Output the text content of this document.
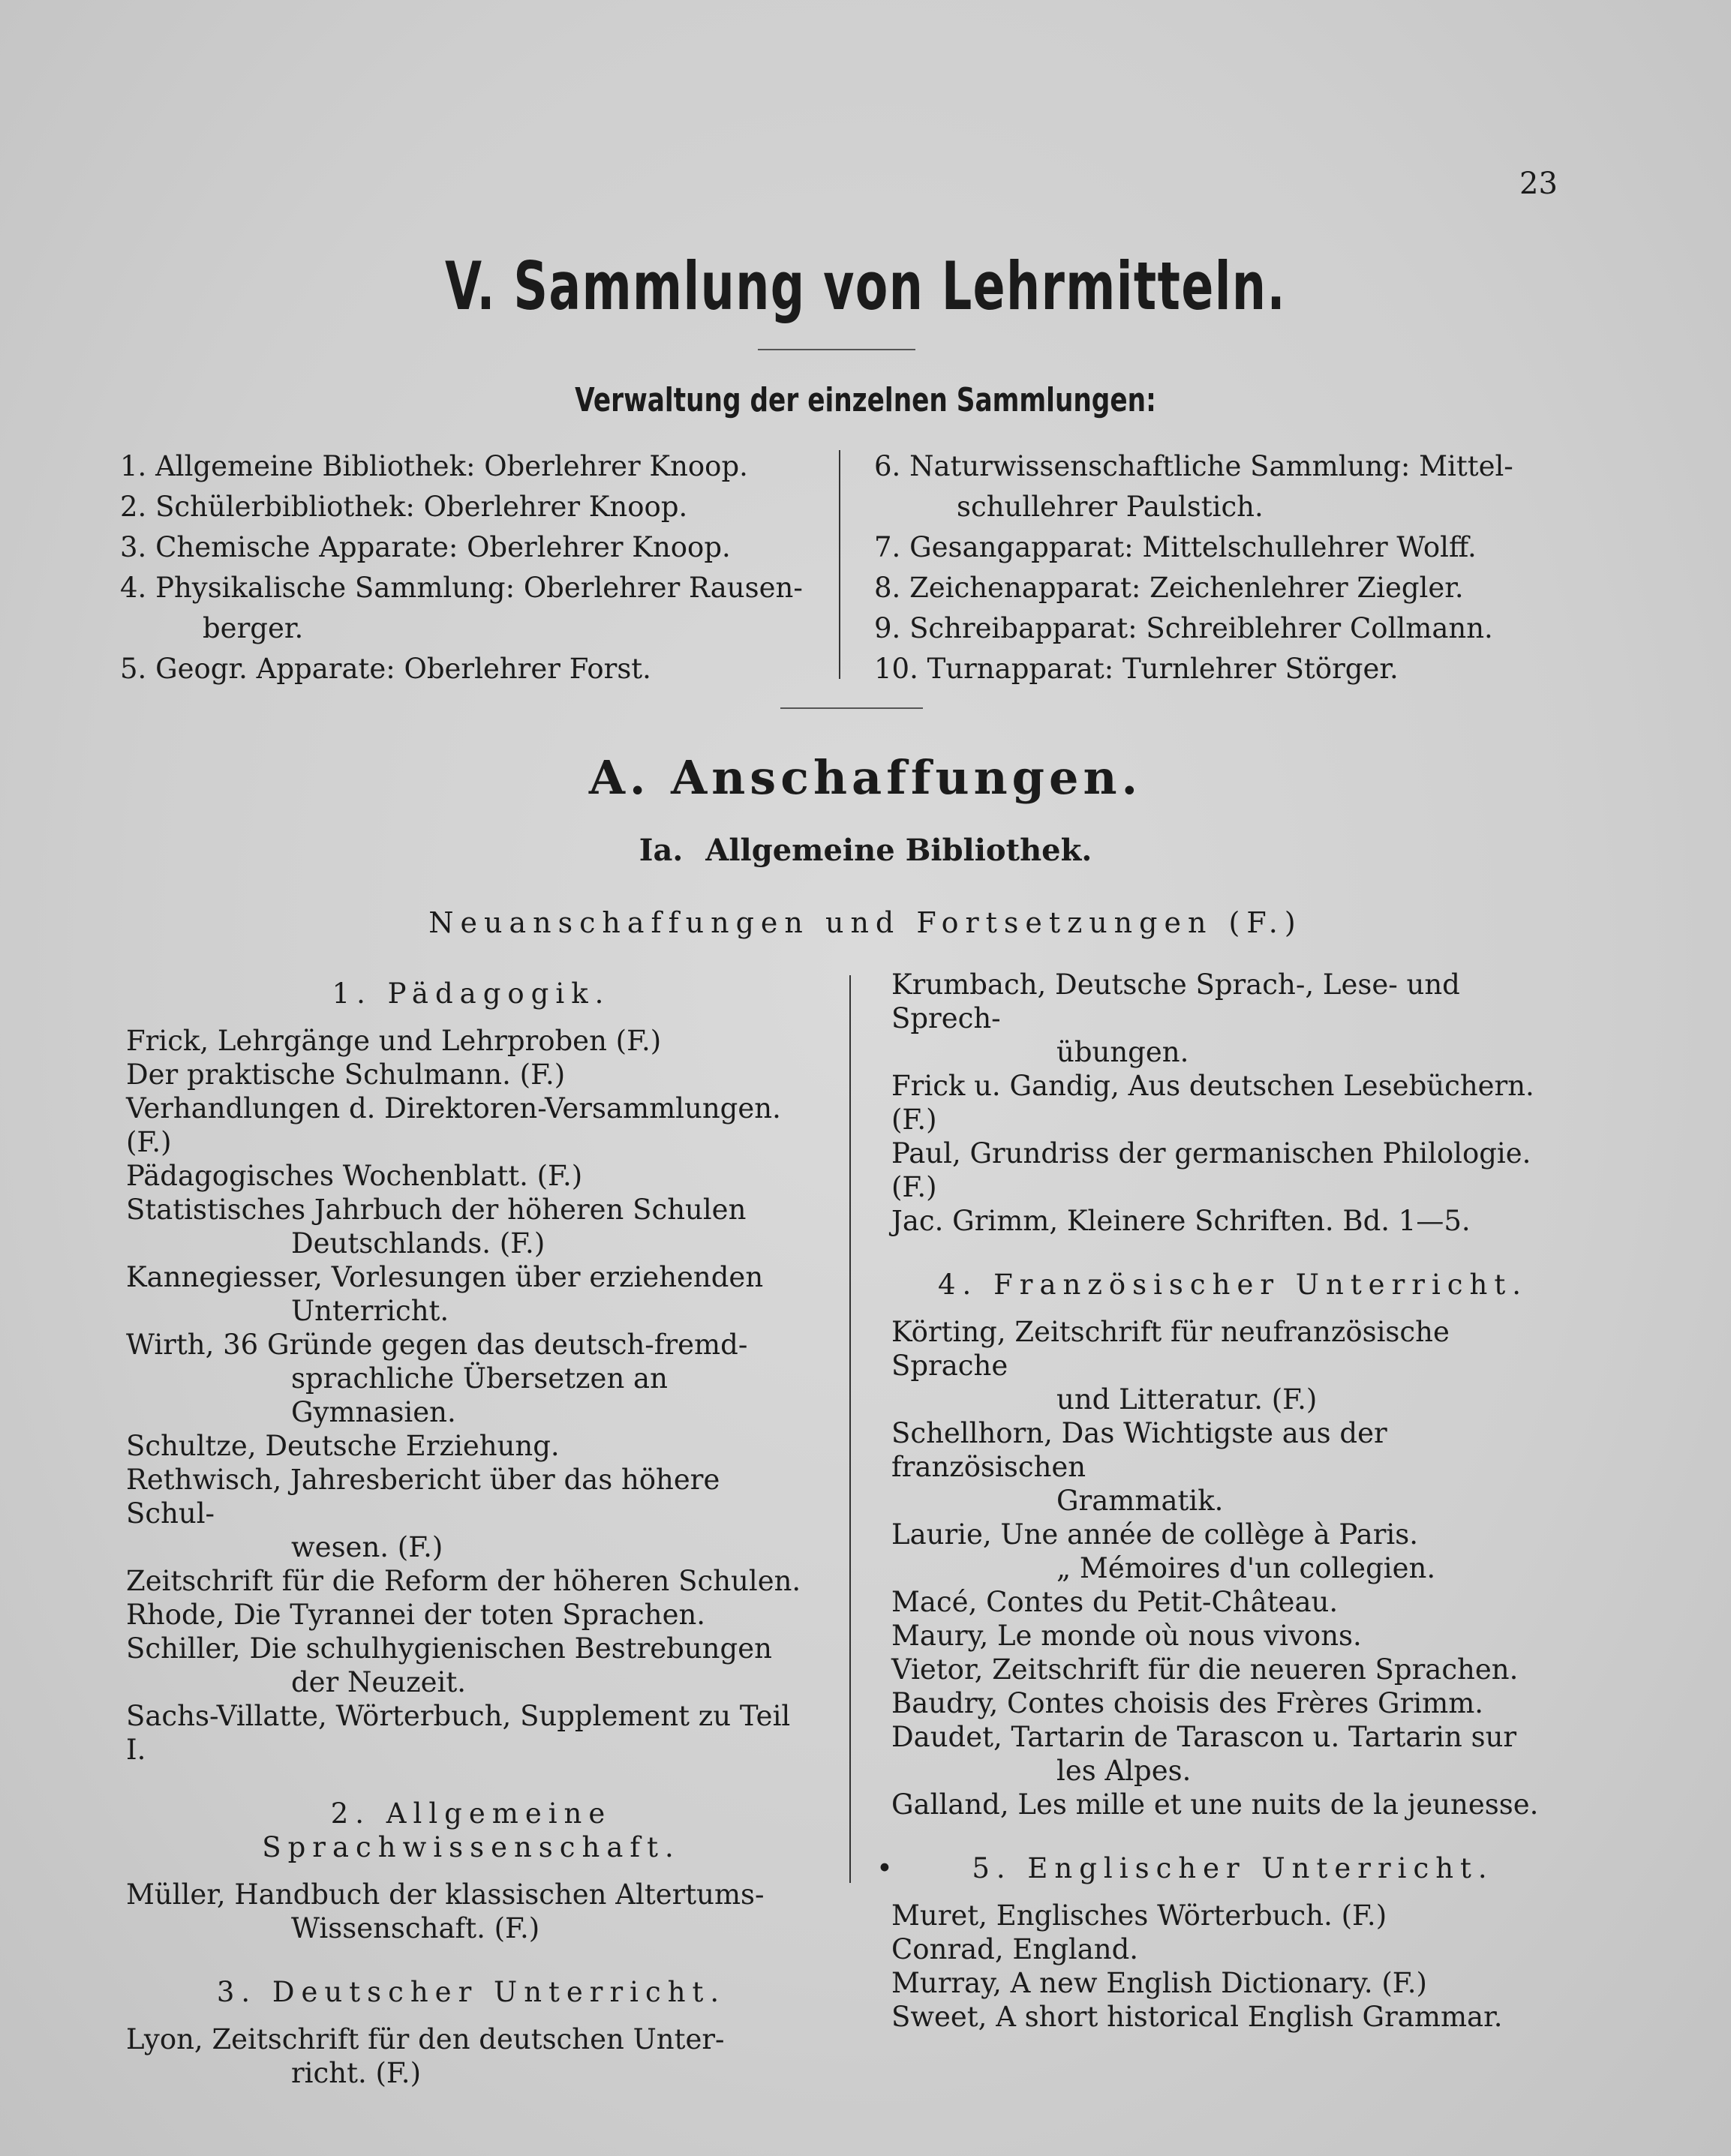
23
V. Sammlung von Lehrmitteln.
Verwaltung der einzelnen Sammlungen:
1. Allgemeine Bibliothek: Oberlehrer Knoop.
2. Schülerbibliothek: Oberlehrer Knoop.
3. Chemische Apparate: Oberlehrer Knoop.
4. Physikalische Sammlung: Oberlehrer Rausen-
berger.
5. Geogr. Apparate: Oberlehrer Forst.
6. Naturwissenschaftliche Sammlung: Mittel-
schullehrer Paulstich.
7. Gesangapparat: Mittelschullehrer Wolff.
8. Zeichenapparat: Zeichenlehrer Ziegler.
9. Schreibapparat: Schreiblehrer Collmann.
10. Turnapparat: Turnlehrer Störger.
A. Anschaffungen.
Ia. Allgemeine Bibliothek.
Neuanschaffungen und Fortsetzungen (F.)
1. Pädagogik.
Frick, Lehrgänge und Lehrproben (F.)
Der praktische Schulmann. (F.)
Verhandlungen d. Direktoren-Versammlungen.(F.)
Pädagogisches Wochenblatt. (F.)
Statistisches Jahrbuch der höheren Schulen
Deutschlands. (F.)
Kannegiesser, Vorlesungen über erziehenden
Unterricht.
Wirth, 36 Gründe gegen das deutsch-fremd-
sprachliche Übersetzen an Gymnasien.
Schultze, Deutsche Erziehung.
Rethwisch, Jahresbericht über das höhere Schul-
wesen. (F.)
Zeitschrift für die Reform der höheren Schulen.
Rhode, Die Tyrannei der toten Sprachen.
Schiller, Die schulhygienischen Bestrebungen
der Neuzeit.
Sachs-Villatte, Wörterbuch, Supplement zu Teil I.
2. Allgemeine Sprachwissenschaft.
Müller, Handbuch der klassischen Altertums-
Wissenschaft. (F.)
3. Deutscher Unterricht.
Lyon, Zeitschrift für den deutschen Unter-
richt. (F.)
Krumbach, Deutsche Sprach-, Lese- und Sprech-
übungen.
Frick u. Gandig, Aus deutschen Lesebüchern. (F.)
Paul, Grundriss der germanischen Philologie. (F.)
Jac. Grimm, Kleinere Schriften. Bd. 1—5.
4. Französischer Unterricht.
Körting, Zeitschrift für neufranzösische Sprache
und Litteratur. (F.)
Schellhorn, Das Wichtigste aus der französischen
Grammatik.
Laurie, Une année de collège à Paris.
„ Mémoires d'un collegien.
Macé, Contes du Petit-Château.
Maury, Le monde où nous vivons.
Vietor, Zeitschrift für die neueren Sprachen.
Baudry, Contes choisis des Frères Grimm.
Daudet, Tartarin de Tarascon u. Tartarin sur
les Alpes.
Galland, Les mille et une nuits de la jeunesse.
•	5. Englischer Unterricht.
Muret, Englisches Wörterbuch. (F.)
Conrad, England.
Murray, A new English Dictionary. (F.)
Sweet, A short historical English Grammar.
